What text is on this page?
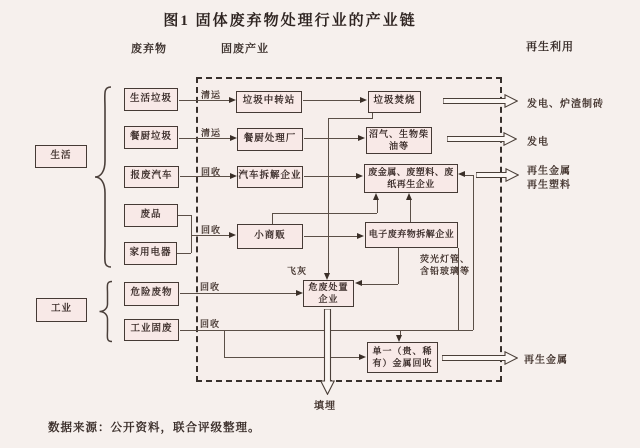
图1 固体废弃物处理行业的产业链
废弃物	固废产业	再生利用
生活
工业
生活垃圾
餐厨垃圾
报废汽车
废品
家用电器
危险废物
工业固废
垃圾中转站
餐厨处理厂
汽车拆解企业
小商贩
危废处置
企业
垃圾焚烧
沼气、生物柴
油等
废金属、废塑料、废
纸再生企业
电子废弃物拆解企业
单一（贵、稀
有）金属回收
清运
清运
回收
回收
回收
回收
飞灰
荧光灯管、
含铅玻璃等
填埋
发电、炉渣制砖
发电
再生金属
再生塑料
再生金属
数据来源：公开资料，联合评级整理。
